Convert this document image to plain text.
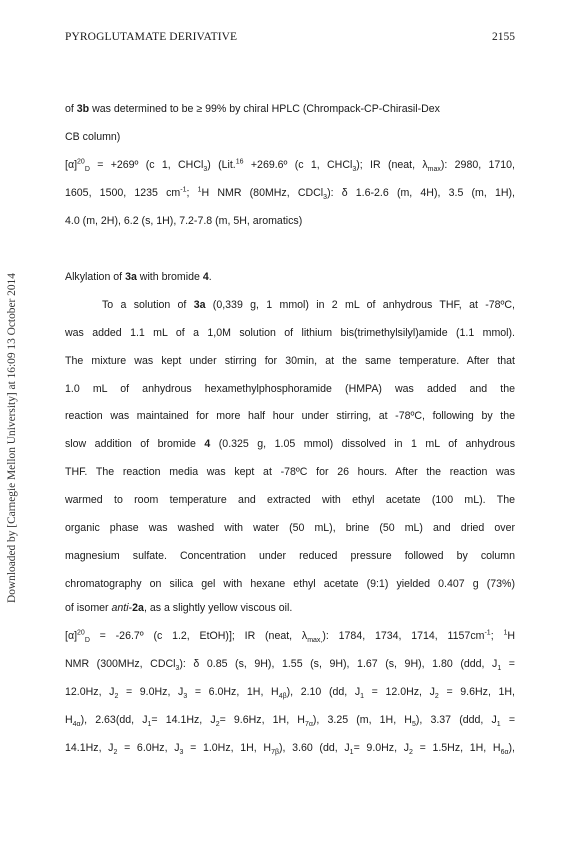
PYROGLUTAMATE DERIVATIVE	2155
Downloaded by [Carnegie Mellon University] at 16:09 13 October 2014
of 3b was determined to be ≥ 99% by chiral HPLC (Chrompack-CP-Chirasil-Dex
CB column)
$[\alpha]^{20}_D$ = +269º (c 1, CHCl$_3$) (Lit.$^{16}$ +269.6º (c 1, CHCl$_3$); IR (neat, $\lambda_{max}$): 2980, 1710,
1605, 1500, 1235 $cm^{-1}$; $^1$H NMR (80MHz, CDCl$_3$): δ 1.6-2.6 (m, 4H), 3.5 (m, 1H),
4.0 (m, 2H), 6.2 (s, 1H), 7.2-7.8 (m, 5H, aromatics)
Alkylation of 3a with bromide 4.
To a solution of 3a (0,339 g, 1 mmol) in 2 mL of anhydrous THF, at -78ºC,
was added 1.1 mL of a 1,0M solution of lithium bis(trimethylsilyl)amide (1.1 mmol).
The mixture was kept under stirring for 30min, at the same temperature. After that
1.0 mL of anhydrous hexamethylphosphoramide (HMPA) was added and the
reaction was maintained for more half hour under stirring, at -78ºC, following by the
slow addition of bromide 4 (0.325 g, 1.05 mmol) dissolved in 1 mL of anhydrous
THF. The reaction media was kept at -78ºC for 26 hours. After the reaction was
warmed to room temperature and extracted with ethyl acetate (100 mL). The
organic phase was washed with water (50 mL), brine (50 mL) and dried over
magnesium sulfate. Concentration under reduced pressure followed by column
chromatography on silica gel with hexane ethyl acetate (9:1) yielded 0.407 g (73%)
of isomer anti-2a, as a slightly yellow viscous oil.
$[\alpha]^{20}_D$ = -26.7º (c 1.2, EtOH)]; IR (neat, $\lambda_{max,}$): 1784, 1734, 1714, $1157cm^{-1}$; $^1$H
NMR (300MHz, CDCl$_3$): δ 0.85 (s, 9H), 1.55 (s, 9H), 1.67 (s, 9H), 1.80 (ddd, $J_1$ =
12.0Hz, $J_2 = 9.0Hz$, $J_3 = 6.0Hz$, 1H, $H_{4\beta}$), 2.10 (dd, $J_1 = 12.0Hz$, $J_2 = 9.6Hz$, 1H,
$H_{4\alpha}$), 2.63(dd, $J_1= 14.1Hz$, $J_2= 9.6Hz$, 1H, $H_{7\alpha}$), 3.25 (m, 1H, $H_5$), 3.37 (ddd, $J_1$ =
14.1Hz, $J_2 = 6.0Hz$, $J_3 = 1.0Hz$, 1H, $H_{7\beta}$), 3.60 (dd, $J_1= 9.0Hz$, $J_2 = 1.5Hz$, 1H, $H_{6\alpha}$),
